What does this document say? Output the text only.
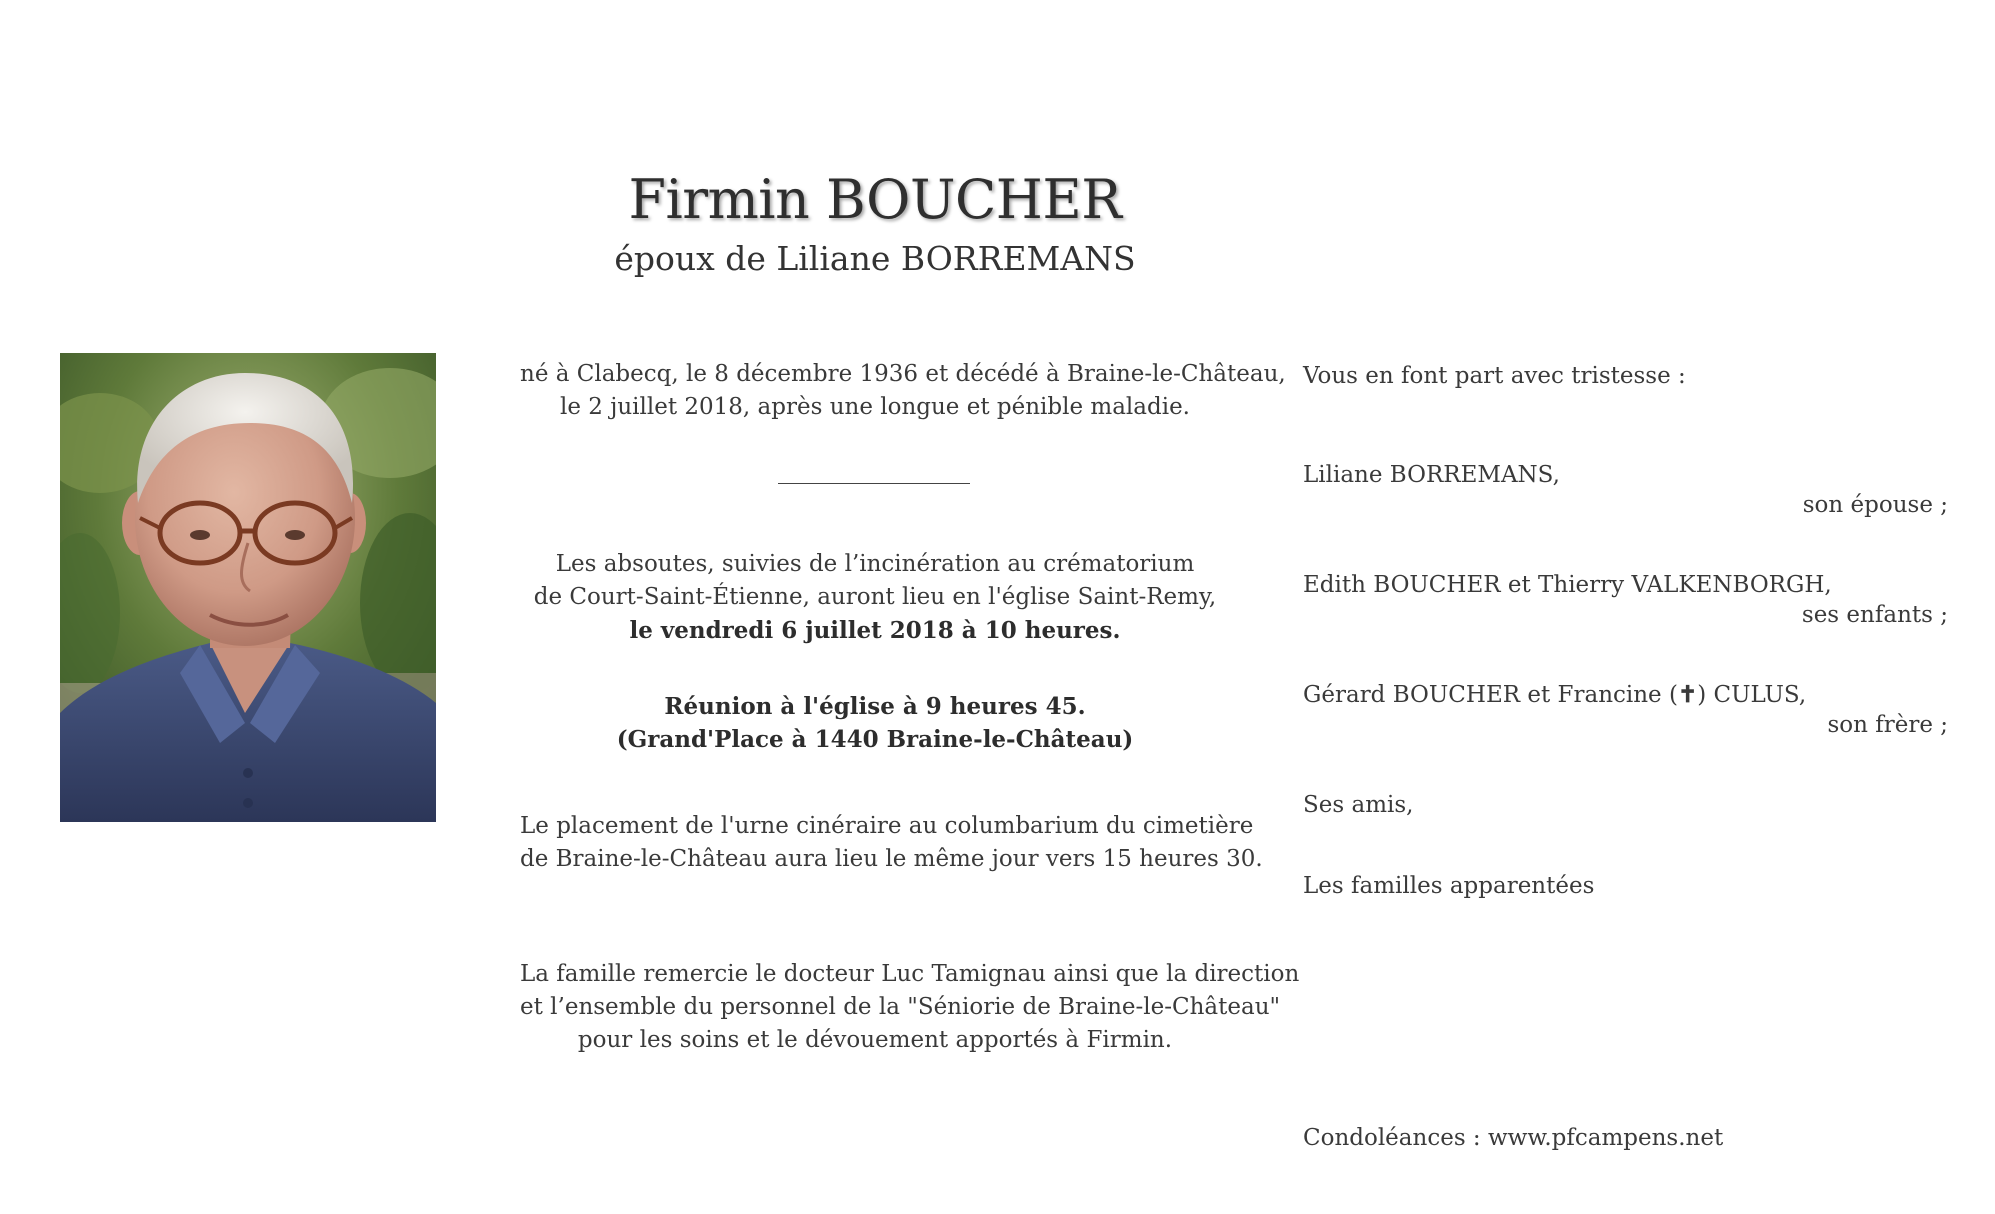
Firmin BOUCHER
époux de Liliane BORREMANS
né à Clabecq, le 8 décembre 1936 et décédé à Braine-le-Château,
le 2 juillet 2018, après une longue et pénible maladie.
Les absoutes, suivies de l’incinération au crématorium
de Court-Saint-Étienne, auront lieu en l'église Saint-Remy,
le vendredi 6 juillet 2018 à 10 heures.
Réunion à l'église à 9 heures 45.
(Grand'Place à 1440 Braine-le-Château)
Le placement de l'urne cinéraire au columbarium du cimetière
de Braine-le-Château aura lieu le même jour vers 15 heures 30.
La famille remercie le docteur Luc Tamignau ainsi que la direction
et l’ensemble du personnel de la "Séniorie de Braine-le-Château"
pour les soins et le dévouement apportés à Firmin.
Vous en font part avec tristesse :
Liliane BORREMANS,
son épouse ;
Edith BOUCHER et Thierry VALKENBORGH,
ses enfants ;
Gérard BOUCHER et Francine (✝) CULUS,
son frère ;
Ses amis,
Les familles apparentées
Condoléances : www.pfcampens.net
